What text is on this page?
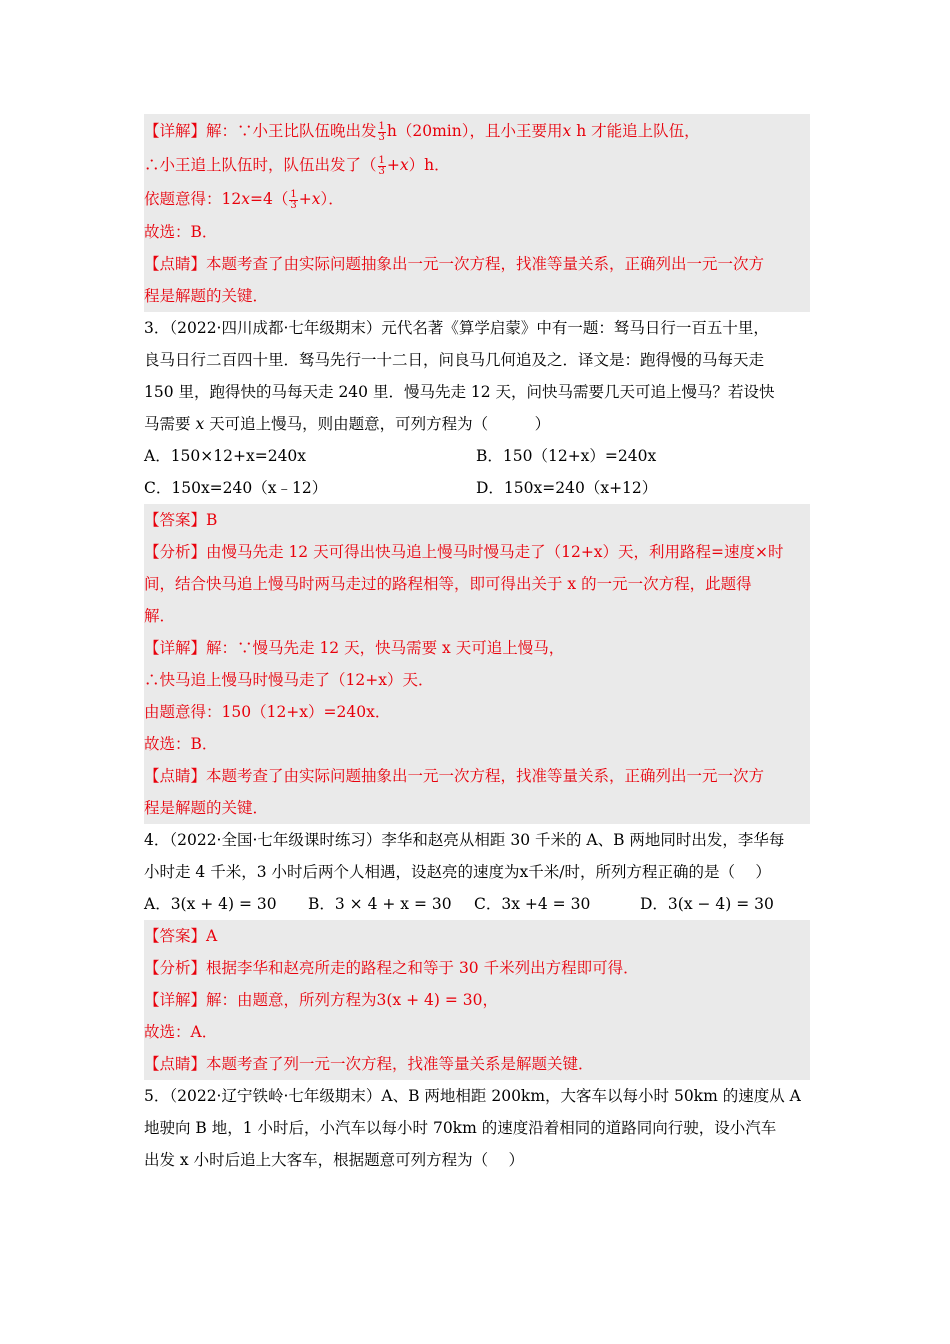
【详解】解：∵小王比队伍晚出发 $\frac{1}{3} h(20\min)$，且小王要用x h 才能追上队伍，
∴小王追上队伍时，队伍出发了（ $\frac{1}{3} +x)h$．
依题意得：$12x=4( \frac{1}{3} +x)$．
故选：B．
【点睛】本题考查了由实际问题抽象出一元一次方程，找准等量关系，正确列出一元一次方
程是解题的关键．
3．（2022·四川成都·七年级期末）元代名著《算学启蒙》中有一题：驽马日行一百五十里，
良马日行二百四十里．驽马先行一十二日，问良马几何追及之．译文是：跑得慢的马每天走
150 里，跑得快的马每天走 240 里．慢马先走 12 天，问快马需要几天可追上慢马？若设快
马需要 x 天可追上慢马，则由题意，可列方程为（　　　）
A．150×12+x=240x	B．150（12+x）=240x
C．150x=240（x﹣12）	D．150x=240（x+12）
【答案】B
【分析】由慢马先走 12 天可得出快马追上慢马时慢马走了（12+x）天，利用路程=速度×时
间，结合快马追上慢马时两马走过的路程相等，即可得出关于 x 的一元一次方程，此题得
解．
【详解】解：∵慢马先走 12 天，快马需要 x 天可追上慢马，
∴快马追上慢马时慢马走了（12+x）天．
由题意得：150（12+x）=240x．
故选：B．
【点睛】本题考查了由实际问题抽象出一元一次方程，找准等量关系，正确列出一元一次方
程是解题的关键．
4．（2022·全国·七年级课时练习）李华和赵亮从相距 30 千米的 A、B 两地同时出发，李华每
小时走 4 千米，3 小时后两个人相遇，设赵亮的速度为x千米/时，所列方程正确的是（　 ）
A．3(x + 4) = 30 B．3 × 4 + x = 30 C．3x +4 = 30	D．3(x − 4) = 30
【答案】A
【分析】根据李华和赵亮所走的路程之和等于 30 千米列出方程即可得．
【详解】解：由题意，所列方程为3(x + 4) = 30，
故选：A．
【点睛】本题考查了列一元一次方程，找准等量关系是解题关键．
5．（2022·辽宁铁岭·七年级期末）A、B 两地相距 200km，大客车以每小时 50km 的速度从 A
地驶向 B 地，1 小时后，小汽车以每小时 70km 的速度沿着相同的道路同向行驶，设小汽车
出发 x 小时后追上大客车，根据题意可列方程为（　 ）
